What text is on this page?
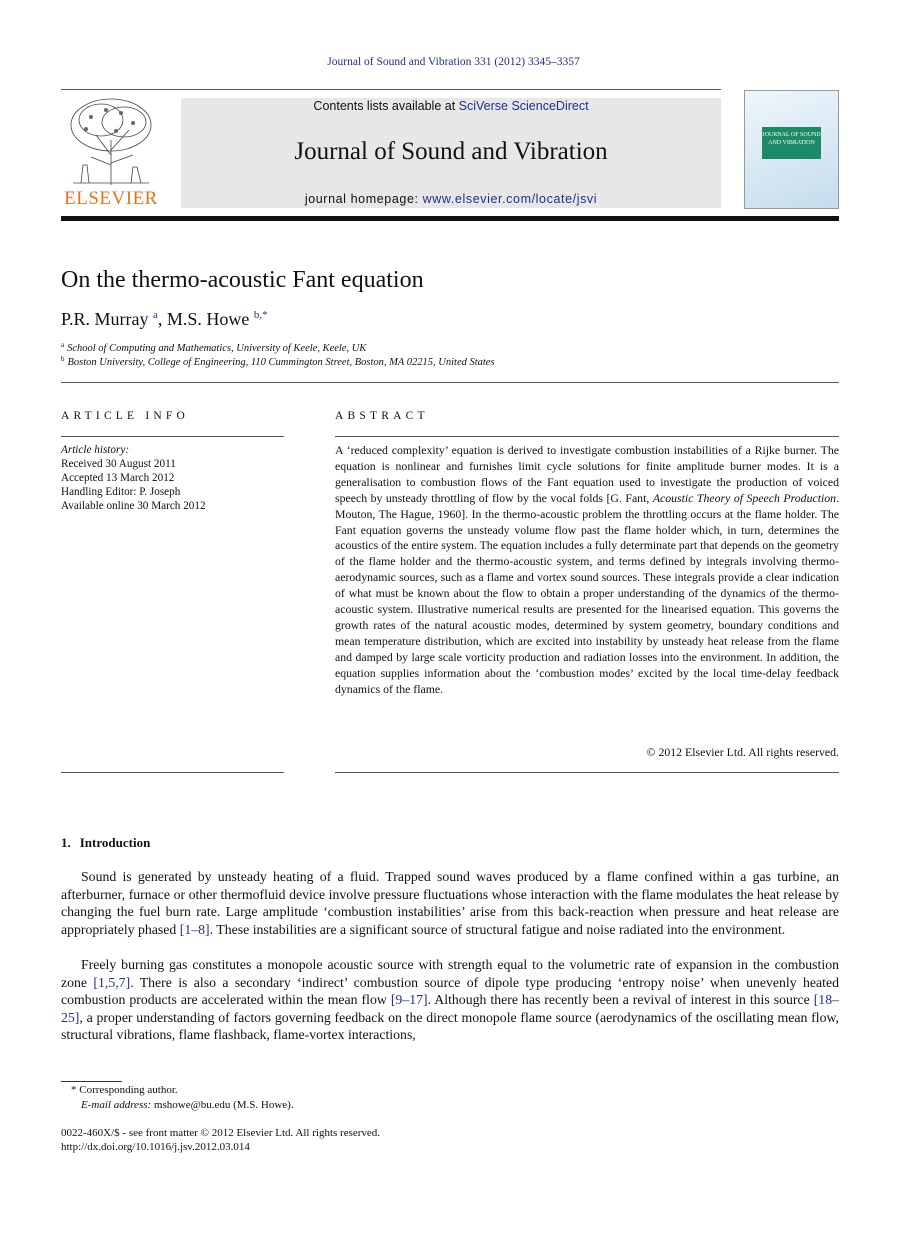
Journal of Sound and Vibration 331 (2012) 3345–3357
ELSEVIER
Contents lists available at SciVerse ScienceDirect
Journal of Sound and Vibration
journal homepage: www.elsevier.com/locate/jsvi
JOURNAL OF SOUND AND VIBRATION
On the thermo-acoustic Fant equation
P.R. Murray $^a$, M.S. Howe $^{b,*}$
$^a$ School of Computing and Mathematics, University of Keele, Keele, UK
$^b$ Boston University, College of Engineering, 110 Cummington Street, Boston, MA 02215, United States
ARTICLE INFO	ABSTRACT
Article history:
Received 30 August 2011
Accepted 13 March 2012
Handling Editor: P. Joseph
Available online 30 March 2012
A ‘reduced complexity’ equation is derived to investigate combustion instabilities of a Rijke burner. The equation is nonlinear and furnishes limit cycle solutions for finite amplitude burner modes. It is a generalisation to combustion flows of the Fant equation used to investigate the production of voiced speech by unsteady throttling of flow by the vocal folds [G. Fant, Acoustic Theory of Speech Production. Mouton, The Hague, 1960]. In the thermo-acoustic problem the throttling occurs at the flame holder. The Fant equation governs the unsteady volume flow past the flame holder which, in turn, determines the acoustics of the entire system. The equation includes a fully determinate part that depends on the geometry of the flame holder and the thermo-acoustic system, and terms defined by integrals involving thermo-aerodynamic sources, such as a flame and vortex sound sources. These integrals provide a clear indication of what must be known about the flow to obtain a proper understanding of the dynamics of the thermo-acoustic system. Illustrative numerical results are presented for the linearised equation. This governs the growth rates of the natural acoustic modes, determined by system geometry, boundary conditions and mean temperature distribution, which are excited into instability by unsteady heat release from the flame and damped by large scale vorticity production and radiation losses into the environment. In addition, the equation supplies information about the ‘combustion modes’ excited by the local time-delay feedback dynamics of the flame.
© 2012 Elsevier Ltd. All rights reserved.
1. Introduction
Sound is generated by unsteady heating of a fluid. Trapped sound waves produced by a flame confined within a gas turbine, an afterburner, furnace or other thermofluid device involve pressure fluctuations whose interaction with the flame modulates the heat release by changing the fuel burn rate. Large amplitude ‘combustion instabilities’ arise from this back-reaction when pressure and heat release are appropriately phased [1–8]. These instabilities are a significant source of structural fatigue and noise radiated into the environment.
Freely burning gas constitutes a monopole acoustic source with strength equal to the volumetric rate of expansion in the combustion zone [1,5,7]. There is also a secondary ‘indirect’ combustion source of dipole type producing ‘entropy noise’ when unevenly heated combustion products are accelerated within the mean flow [9–17]. Although there has recently been a revival of interest in this source [18–25], a proper understanding of factors governing feedback on the direct monopole flame source (aerodynamics of the oscillating mean flow, structural vibrations, flame flashback, flame-vortex interactions,
* Corresponding author.
E-mail address: mshowe@bu.edu (M.S. Howe).
0022-460X/$ - see front matter © 2012 Elsevier Ltd. All rights reserved.
http://dx.doi.org/10.1016/j.jsv.2012.03.014
